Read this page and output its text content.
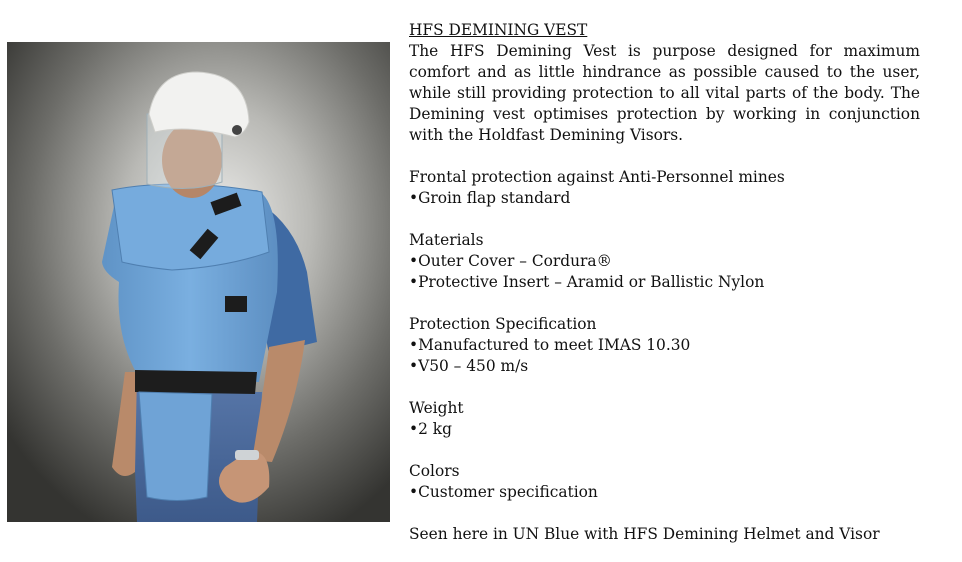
HFS DEMINING VEST
The HFS Demining Vest is purpose designed for maximum comfort and as little hindrance as possible caused to the user, while still providing protection to all vital parts of the body. The Demining vest optimises protection by working in conjunction with the Holdfast Demining Visors.
Frontal protection against Anti-Personnel mines
•Groin flap standard
Materials
•Outer Cover – Cordura®
•Protective Insert – Aramid or Ballistic Nylon
Protection Specification
•Manufactured to meet IMAS 10.30
•V50 – 450 m/s
Weight
•2 kg
Colors
•Customer specification
Seen here in UN Blue with HFS Demining Helmet and Visor
